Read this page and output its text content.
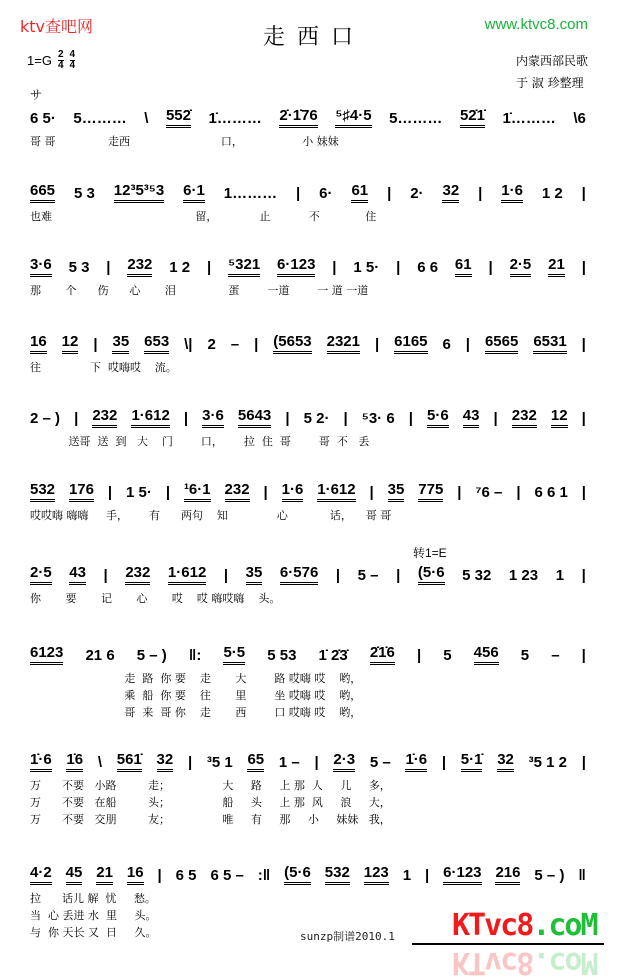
ktv查吧网	www.ktvc8.com
走西口
$1=G \frac{2}{4} \frac{4}{4}$	内蒙西部民歌
于 淑 珍整理
サ
转1=E
6 5· 5……… \ 552̇ 1̇……… 2̇·1̇76 ⁵♯4·5 5……… 52̇1̇ 1̇……… \6
哥 哥               走西                          口，                 小 妹妹
665 5 3 12³5³⁵3 6·1 1……… | 6· 61 | 2· 32 | 1·6 1 2 |
也难                                         留，            止           不             住
3·6 5 3 | 232 1 2 | ⁵321 6·123 | 1 5· | 6 6 61 | 2·5 21 |
那       个      伤      心       泪               蛋        一道        一 道 一道
16 12 | 35 653 \| 2 – | (5653 2321 | 6165 6 | 6565 6531 |
往              下  哎嗨哎    流。
2 – ) | 232 1·612 | 3·6 5643 | 5 2· | ⁵3· 6 | 5·6 43 | 232 12 |
送哥  送  到   大    门        口，      拉  住  哥        哥  不   丢
532 176 | 1 5· | ¹6·1 232 | 1·6 1·612 | 35 775 | ⁷6 – | 6 6 1 |
哎哎嗨 嗨嗨     手，      有      两句    知              心            话，    哥 哥
2·5 43 | 232 1·612 | 35 6·576 | 5 – | (5·6 5 32 1 23 1 |
你       要       记       心       哎    哎 嗨哎嗨    头。
6123 21 6 5 – ) ‖: 5·5 5 53 1̇ 2̇3̇ 2̇1̇6 | 5 456 5 – |
走  路  你 要    走       大        路 哎嗨 哎    哟，
乘  船  你 要    往       里        坐 哎嗨 哎    哟，
哥  来  哥 你    走       西        口 哎嗨 哎    哟，
1̇·6 1̇6 \ 561̇ 32 | ³5 1 65 1 – | 2·3 5 – 1̇·6 | 5·1̇ 32 ³5 1 2 |
万      不要   小路         走；               大     路     上 那  人     儿     多，
万      不要   在船         头；               船     头     上 那  风     浪     大，
万      不要   交朋         友；               唯     有     那     小     妹妹   我，
4·2 45 21 16 | 6 5 6 5 – :‖ (5·6 532 123 1 | 6·123 216 5 – ) ‖
拉      话儿 解  忧     愁。
当  心 丢进 水  里     头。
与  你 天长 又  日     久。	sunzp制谱2010.1 KTvc8.coM
KTvc8.coM
